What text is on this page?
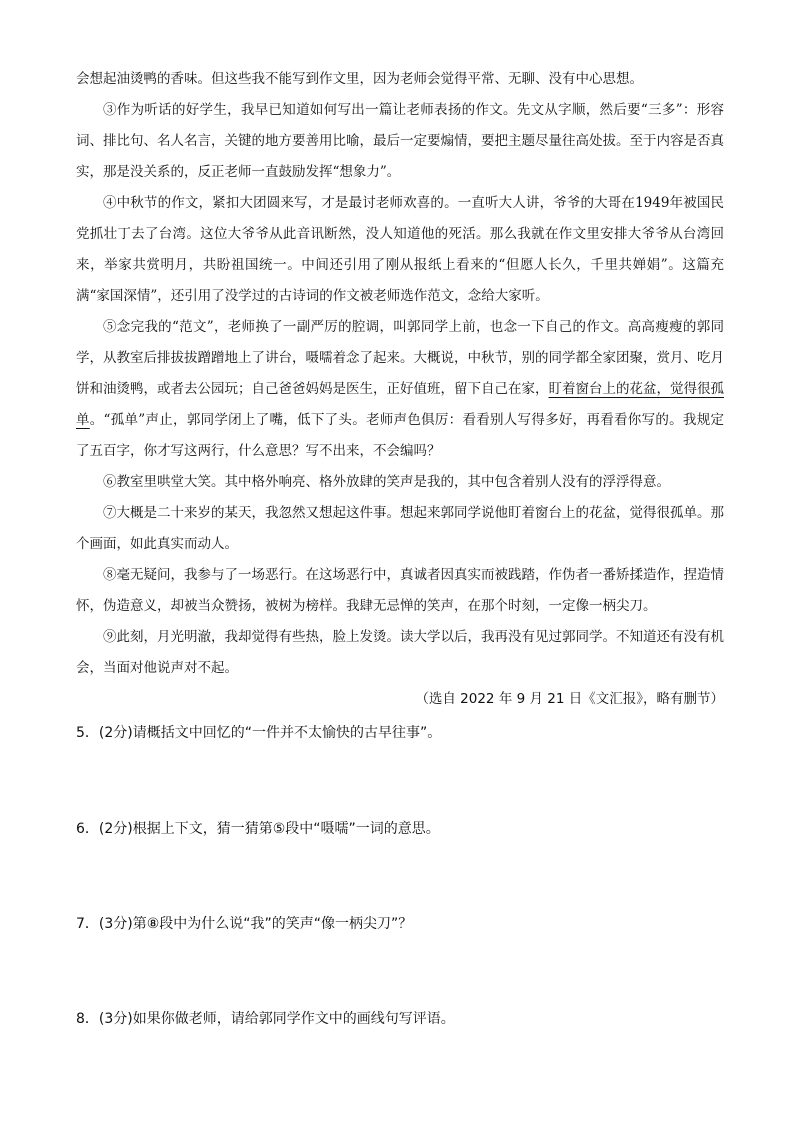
会想起油烫鸭的香味。但这些我不能写到作文里，因为老师会觉得平常、无聊、没有中心思想。

③作为听话的好学生，我早已知道如何写出一篇让老师表扬的作文。先文从字顺，然后要“三多”：形容词、排比句、名人名言，关键的地方要善用比喻，最后一定要煽情，要把主题尽量往高处拔。至于内容是否真实，那是没关系的，反正老师一直鼓励发挥“想象力”。

④中秋节的作文，紧扣大团圆来写，才是最讨老师欢喜的。一直听大人讲，爷爷的大哥在1949年被国民党抓壮丁去了台湾。这位大爷爷从此音讯断然，没人知道他的死活。那么我就在作文里安排大爷爷从台湾回来，举家共赏明月，共盼祖国统一。中间还引用了刚从报纸上看来的“但愿人长久，千里共婵娟”。这篇充满“家国深情”，还引用了没学过的古诗词的作文被老师选作范文，念给大家听。

⑤念完我的“范文”，老师换了一副严厉的腔调，叫郭同学上前，也念一下自己的作文。高高瘦瘦的郭同学，从教室后排拔拔蹭蹭地上了讲台，嗫嚅着念了起来。大概说，中秋节，别的同学都全家团聚，赏月、吃月饼和油烫鸭，或者去公园玩；自己爸爸妈妈是医生，正好值班，留下自己在家，盯着窗台上的花盆，觉得很孤单。“孤单”声止，郭同学闭上了嘴，低下了头。老师声色俱厉：看看别人写得多好，再看看你写的。我规定了五百字，你才写这两行，什么意思？写不出来，不会编吗？

⑥教室里哄堂大笑。其中格外响亮、格外放肆的笑声是我的，其中包含着别人没有的浮浮得意。

⑦大概是二十来岁的某天，我忽然又想起这件事。想起来郭同学说他盯着窗台上的花盆，觉得很孤单。那个画面，如此真实而动人。

⑧毫无疑问，我参与了一场恶行。在这场恶行中，真诚者因真实而被践踏，作伪者一番矫揉造作，捏造情怀，伪造意义，却被当众赞扬，被树为榜样。我肆无忌惮的笑声，在那个时刻，一定像一柄尖刀。

⑨此刻，月光明澈，我却觉得有些热，脸上发烫。读大学以后，我再没有见过郭同学。不知道还有没有机会，当面对他说声对不起。

（选自 2022 年 9 月 21 日《文汇报》，略有删节）

5．(2分)请概括文中回忆的“一件并不太愉快的古早往事”。

6．(2分)根据上下文，猜一猜第⑤段中“嗫嚅”一词的意思。

7．(3分)第⑧段中为什么说“我”的笑声“像一柄尖刀”？

8．(3分)如果你做老师，请给郭同学作文中的画线句写评语。
